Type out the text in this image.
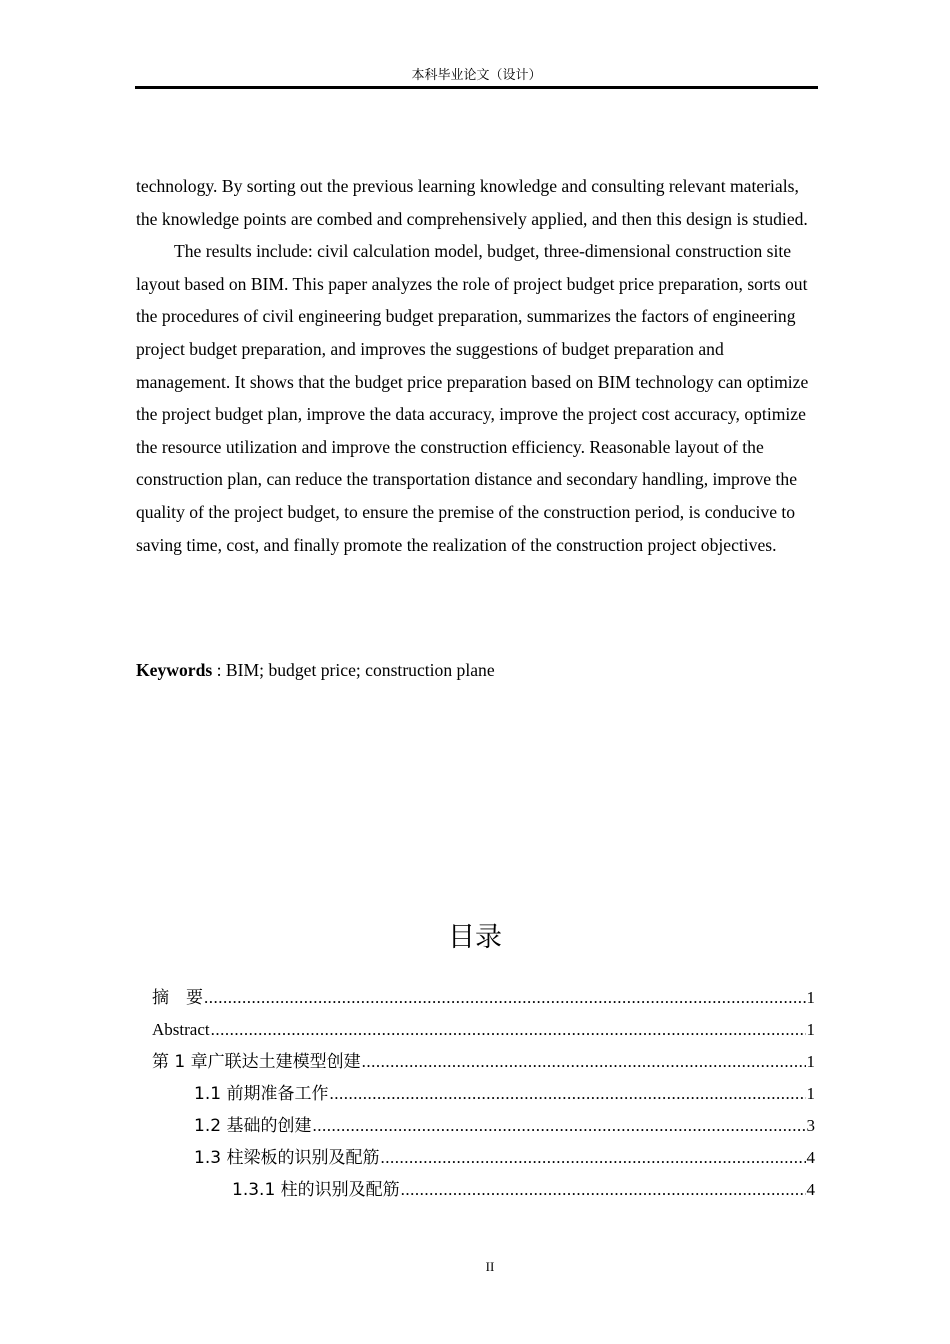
本科毕业论文（设计）

technology. By sorting out the previous learning knowledge and consulting relevant materials, the knowledge points are combed and comprehensively applied, and then this design is studied.

The results include: civil calculation model, budget, three-dimensional construction site layout based on BIM. This paper analyzes the role of project budget price preparation, sorts out the procedures of civil engineering budget preparation, summarizes the factors of engineering project budget preparation, and improves the suggestions of budget preparation and management. It shows that the budget price preparation based on BIM technology can optimize the project budget plan, improve the data accuracy, improve the project cost accuracy, optimize the resource utilization and improve the construction efficiency. Reasonable layout of the construction plan, can reduce the transportation distance and secondary handling, improve the quality of the project budget, to ensure the premise of the construction period, is conducive to saving time, cost, and finally promote the realization of the construction project objectives.

Keywords : BIM; budget price; construction plane
目录
摘　要 .....	1
Abstract .....	1
第 1 章广联达土建模型创建 .....	1
1.1 前期准备工作 .....	1
1.2 基础的创建 .....	3
1.3 柱梁板的识别及配筋 .....	4
1.3.1 柱的识别及配筋 .....	4
II
